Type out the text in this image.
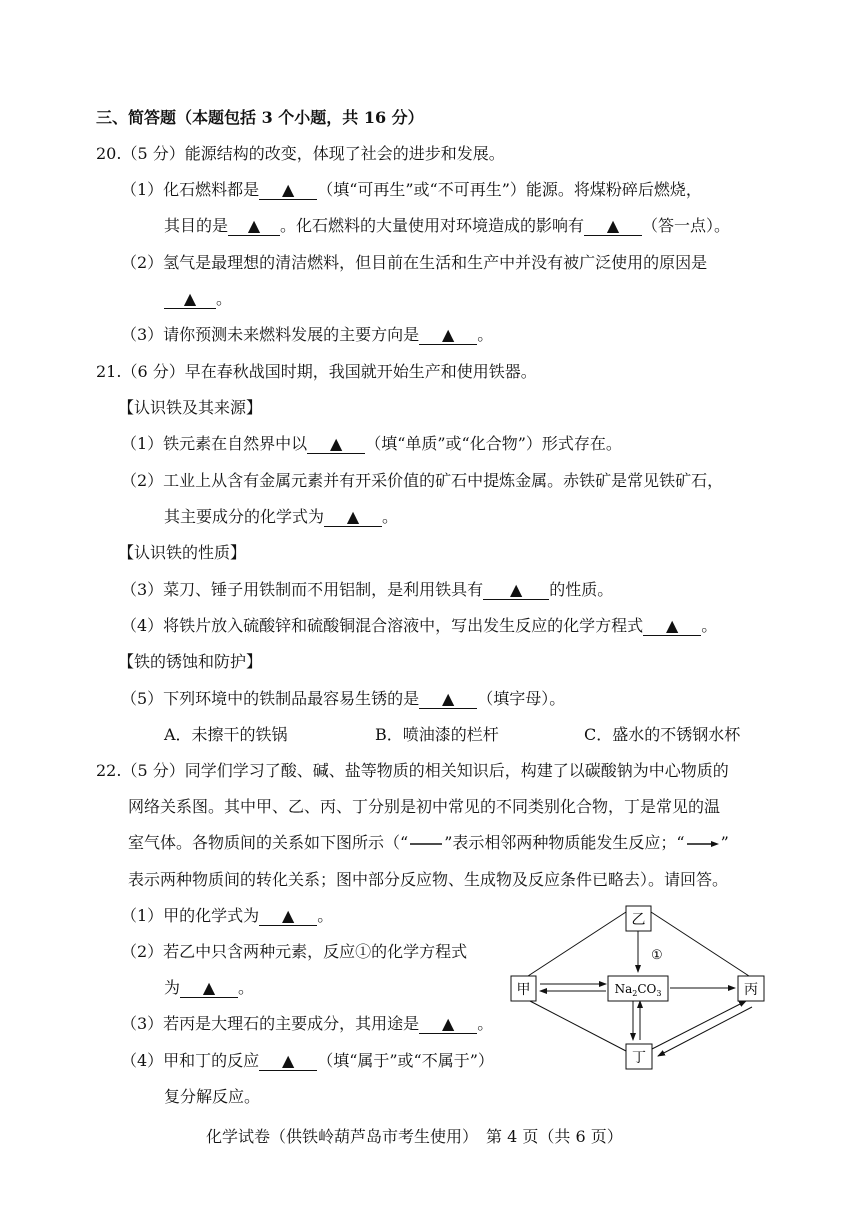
三、简答题（本题包括 3 个小题，共 16 分）
20.（5 分）能源结构的改变，体现了社会的进步和发展。
（1）化石燃料都是 ▲ （填“可再生”或“不可再生”）能源。将煤粉碎后燃烧，
其目的是 ▲ 。化石燃料的大量使用对环境造成的影响有 ▲ （答一点）。
（2）氢气是最理想的清洁燃料，但目前在生活和生产中并没有被广泛使用的原因是
▲ 。
（3）请你预测未来燃料发展的主要方向是 ▲ 。
21.（6 分）早在春秋战国时期，我国就开始生产和使用铁器。
【认识铁及其来源】
（1）铁元素在自然界中以 ▲ （填“单质”或“化合物”）形式存在。
（2）工业上从含有金属元素并有开采价值的矿石中提炼金属。赤铁矿是常见铁矿石，
其主要成分的化学式为 ▲ 。
【认识铁的性质】
（3）菜刀、锤子用铁制而不用铝制，是利用铁具有 ▲ 的性质。
（4）将铁片放入硫酸锌和硫酸铜混合溶液中，写出发生反应的化学方程式 ▲ 。
【铁的锈蚀和防护】
（5）下列环境中的铁制品最容易生锈的是 ▲ （填字母）。
A．未擦干的铁锅	B．喷油漆的栏杆	C．盛水的不锈钢水杯
22.（5 分）同学们学习了酸、碱、盐等物质的相关知识后，构建了以碳酸钠为中心物质的
网络关系图。其中甲、乙、丙、丁分别是初中常见的不同类别化合物，丁是常见的温
室气体。各物质间的关系如下图所示（“ ”表示相邻两种物质能发生反应；“ ”
表示两种物质间的转化关系；图中部分反应物、生成物及反应条件已略去）。请回答。
（1）甲的化学式为 ▲ 。
（2）若乙中只含两种元素，反应①的化学方程式
为 ▲ 。
（3）若丙是大理石的主要成分，其用途是 ▲ 。
（4）甲和丁的反应 ▲ （填“属于”或“不属于”）
复分解反应。
乙
甲	$Na_2CO_3$	丙
丁
①
化学试卷（供铁岭葫芦岛市考生使用）　第 4 页（共 6 页）
